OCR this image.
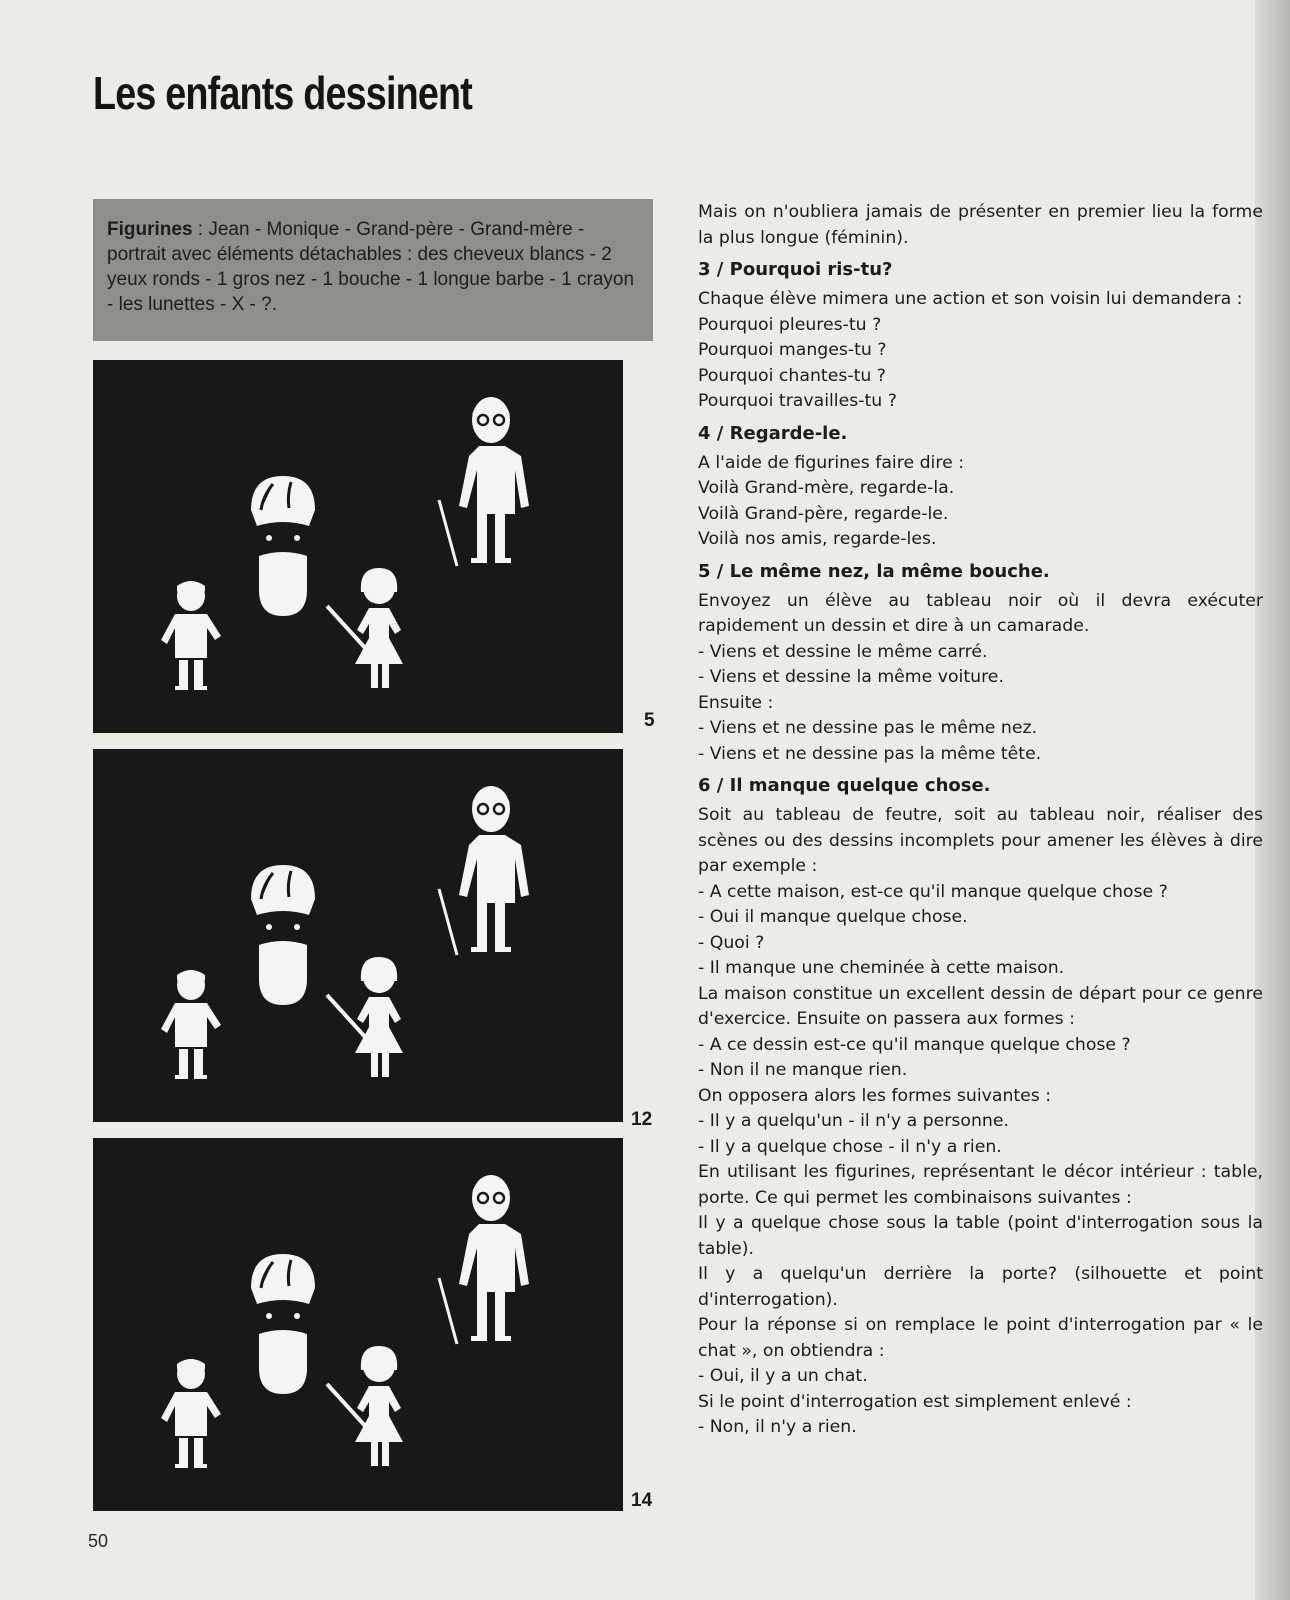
Les enfants dessinent
Figurines : Jean - Monique - Grand-père - Grand-mère - portrait avec éléments détachables : des cheveux blancs - 2 yeux ronds - 1 gros nez - 1 bouche - 1 longue barbe - 1 crayon - les lunettes - X - ?.
5
12
14

Mais on n'oubliera jamais de présenter en premier lieu la forme la plus longue (féminin).

3 / Pourquoi ris-tu?

Chaque élève mimera une action et son voisin lui demandera :

Pourquoi pleures-tu ?

Pourquoi manges-tu ?

Pourquoi chantes-tu ?

Pourquoi travailles-tu ?

4 / Regarde-le.

A l'aide de figurines faire dire :

Voilà Grand-mère, regarde-la.

Voilà Grand-père, regarde-le.

Voilà nos amis, regarde-les.

5 / Le même nez, la même bouche.

Envoyez un élève au tableau noir où il devra exécuter rapidement un dessin et dire à un camarade.

- Viens et dessine le même carré.

- Viens et dessine la même voiture.

Ensuite :

- Viens et ne dessine pas le même nez.

- Viens et ne dessine pas la même tête.

6 / Il manque quelque chose.

Soit au tableau de feutre, soit au tableau noir, réaliser des scènes ou des dessins incomplets pour amener les élèves à dire par exemple :

- A cette maison, est-ce qu'il manque quelque chose ?

- Oui il manque quelque chose.

- Quoi ?

- Il manque une cheminée à cette maison.

La maison constitue un excellent dessin de départ pour ce genre d'exercice. Ensuite on passera aux formes :

- A ce dessin est-ce qu'il manque quelque chose ?

- Non il ne manque rien.

On opposera alors les formes suivantes :

- Il y a quelqu'un - il n'y a personne.

- Il y a quelque chose - il n'y a rien.

En utilisant les figurines, représentant le décor intérieur : table, porte. Ce qui permet les combinaisons suivantes :

Il y a quelque chose sous la table (point d'interrogation sous la table).

Il y a quelqu'un derrière la porte? (silhouette et point d'interrogation).

Pour la réponse si on remplace le point d'interrogation par « le chat », on obtiendra :

- Oui, il y a un chat.

Si le point d'interrogation est simplement enlevé :

- Non, il n'y a rien.

50
